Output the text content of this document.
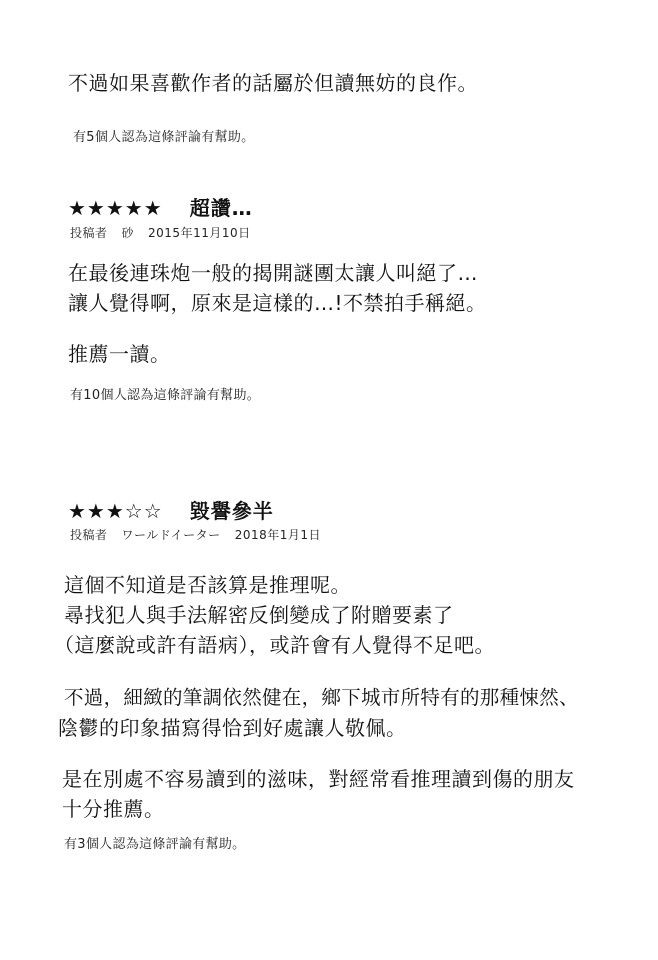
不過如果喜歡作者的話屬於但讀無妨的良作。
有5個人認為這條評論有幫助。
★★★★★ 超讚…
投稿者 砂 2015年11月10日
在最後連珠炮一般的揭開謎團太讓人叫絕了…
讓人覺得啊，原來是這樣的…!不禁拍手稱絕。
推薦一讀。
有10個人認為這條評論有幫助。
★★★☆☆ 毀譽參半
投稿者 ワールドイーター 2018年1月1日
這個不知道是否該算是推理呢。
尋找犯人與手法解密反倒變成了附贈要素了
（這麼說或許有語病），或許會有人覺得不足吧。
不過，細緻的筆調依然健在，鄉下城市所特有的那種悚然、
陰鬱的印象描寫得恰到好處讓人敬佩。
是在別處不容易讀到的滋味，對經常看推理讀到傷的朋友
十分推薦。
有3個人認為這條評論有幫助。
